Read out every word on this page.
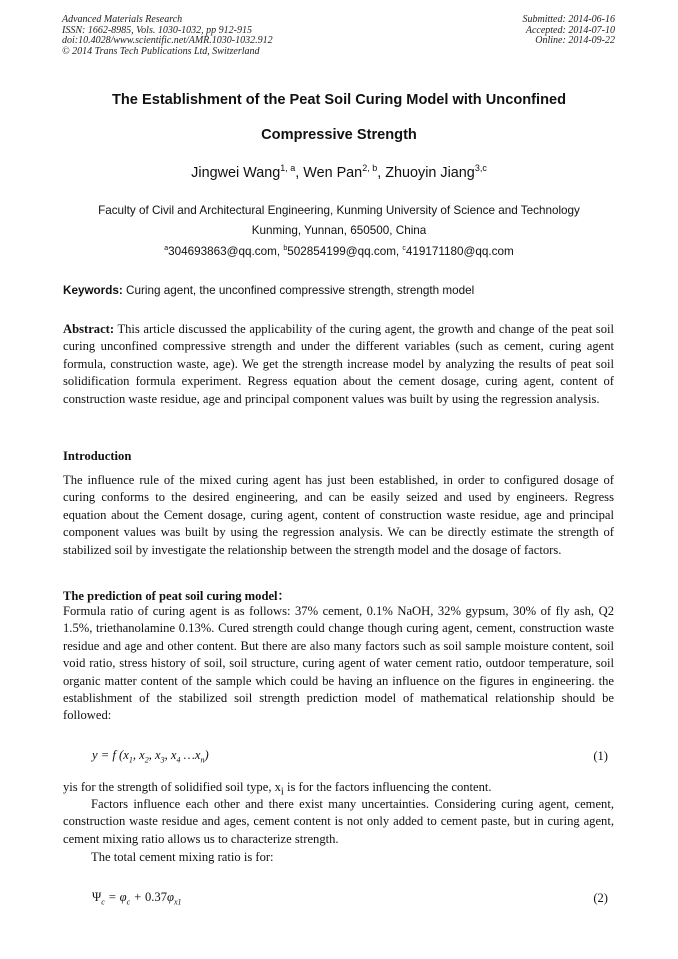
Advanced Materials Research
ISSN: 1662-8985, Vols. 1030-1032, pp 912-915
doi:10.4028/www.scientific.net/AMR.1030-1032.912
© 2014 Trans Tech Publications Ltd, Switzerland
Submitted: 2014-06-16
Accepted: 2014-07-10
Online: 2014-09-22
The Establishment of the Peat Soil Curing Model with Unconfined
Compressive Strength
Jingwei Wang$^{1, a}$, Wen Pan$^{2, b}$, Zhuoyin Jiang$^{3,c}$
Faculty of Civil and Architectural Engineering, Kunming University of Science and Technology
Kunming, Yunnan, 650500, China
$^a$304693863@qq.com, $^b$502854199@qq.com, $^c$419171180@qq.com
Keywords: Curing agent, the unconfined compressive strength, strength model
Abstract: This article discussed the applicability of the curing agent, the growth and change of the peat soil curing unconfined compressive strength and under the different variables (such as cement, curing agent formula, construction waste, age). We get the strength increase model by analyzing the results of peat soil solidification formula experiment. Regress equation about the cement dosage, curing agent, content of construction waste residue, age and principal component values was built by using the regression analysis.
Introduction
The influence rule of the mixed curing agent has just been established, in order to configured dosage of curing conforms to the desired engineering, and can be easily seized and used by engineers. Regress equation about the Cement dosage, curing agent, content of construction waste residue, age and principal component values was built by using the regression analysis. We can be directly estimate the strength of stabilized soil by investigate the relationship between the strength model and the dosage of factors.
The prediction of peat soil curing model：
Formula ratio of curing agent is as follows: 37% cement, 0.1% NaOH, 32% gypsum, 30% of fly ash, Q2 1.5%, triethanolamine 0.13%. Cured strength could change though curing agent, cement, construction waste residue and age and other content. But there are also many factors such as soil sample moisture content, soil void ratio, stress history of soil, soil structure, curing agent of water cement ratio, outdoor temperature, soil organic matter content of the sample which could be having an influence on the figures in engineering. the establishment of the stabilized soil strength prediction model of mathematical relationship should be followed:
y = f ($x_1$, $x_2$, $x_3$, $x_4$ $\dots x_n$)	(1)
yis for the strength of solidified soil type, $x_i$ is for the factors influencing the content.
Factors influence each other and there exist many uncertainties. Considering curing agent, cement, construction waste residue and ages, cement content is not only added to cement paste, but in curing agent, cement mixing ratio allows us to characterize strength.
The total cement mixing ratio is for:
$\Psi_c = \varphi_c + 0.37\varphi_{x1}$	(2)
